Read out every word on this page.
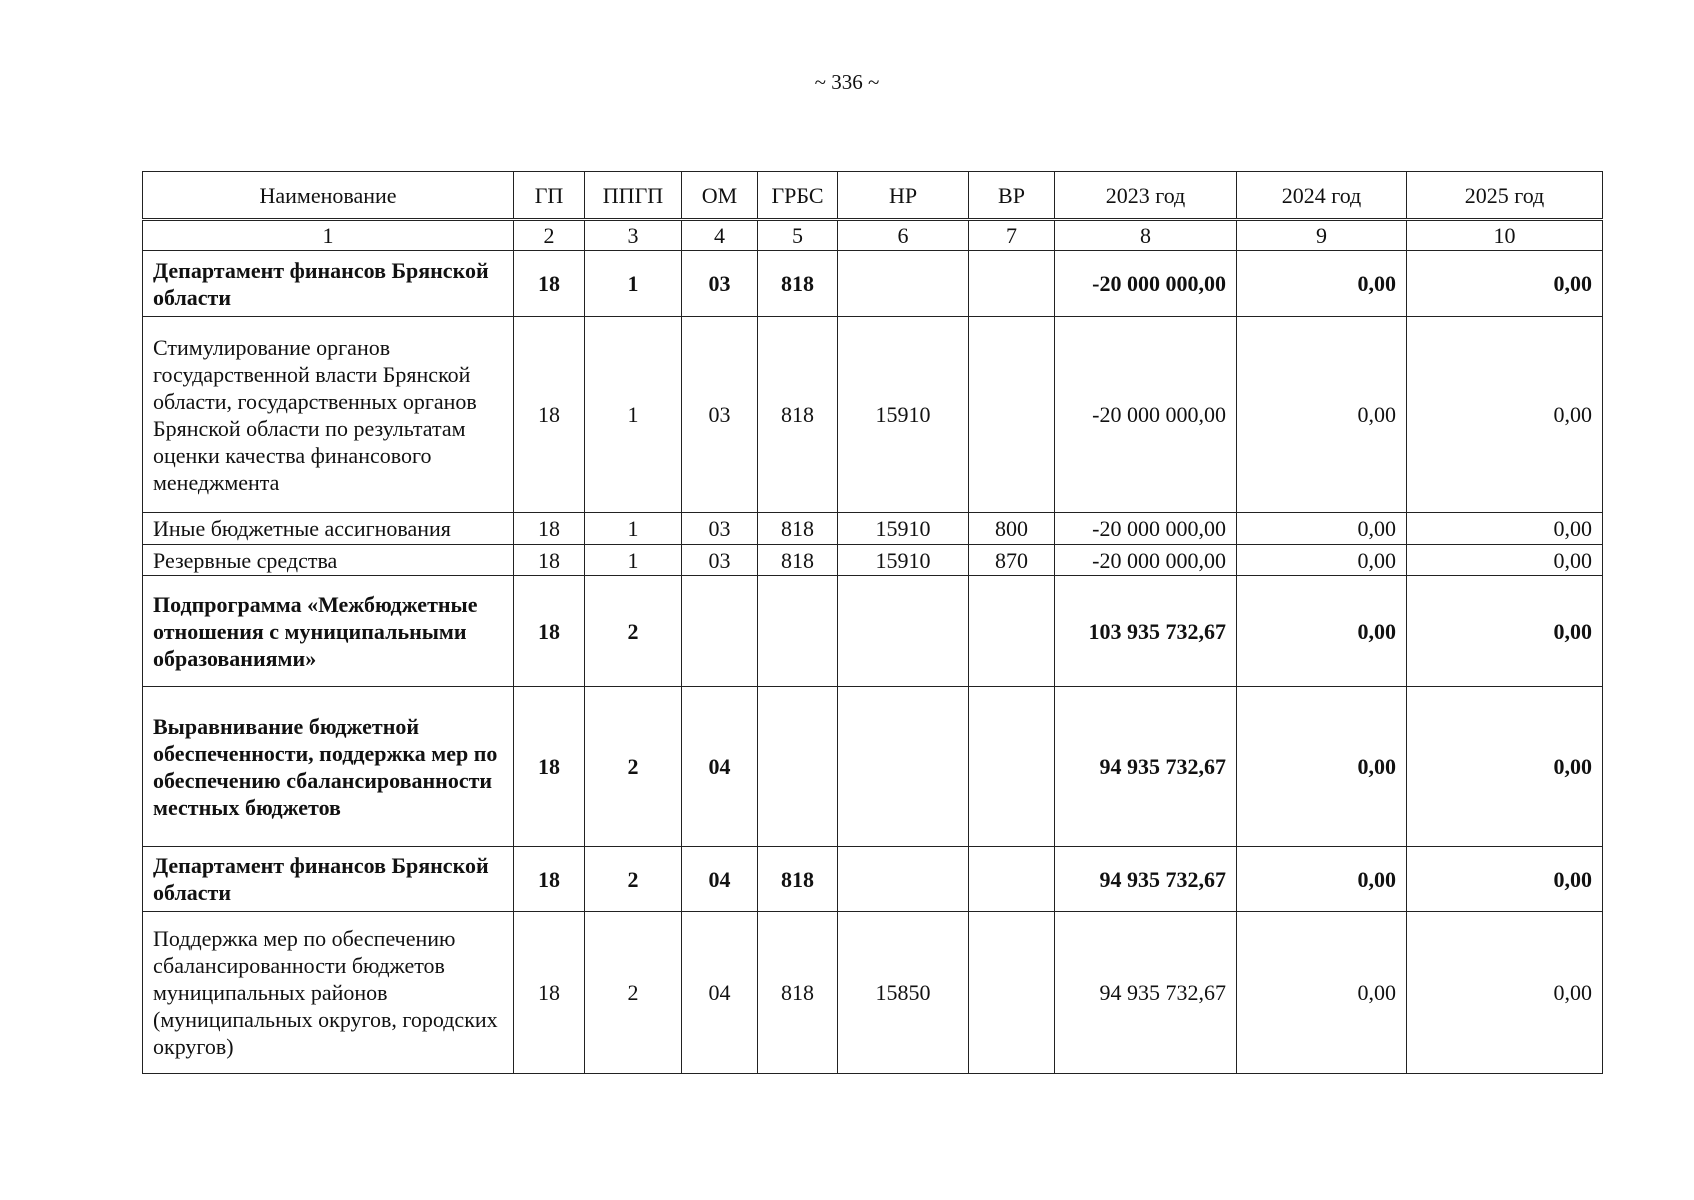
~ 336 ~
Наименование	ГП	ППГП	ОМ	ГРБС	НР	ВР	2023 год	2024 год	2025 год
1	2	3	4	5	6	7	8	9	10
Департамент финансов Брянской области	18	1	03	818			-20 000 000,00	0,00	0,00
Стимулирование органов государственной власти Брянской области, государственных органов Брянской области по результатам оценки качества финансового менеджмента	18	1	03	818	15910		-20 000 000,00	0,00	0,00
Иные бюджетные ассигнования	18	1	03	818	15910	800	-20 000 000,00	0,00	0,00
Резервные средства	18	1	03	818	15910	870	-20 000 000,00	0,00	0,00
Подпрограмма «Межбюджетные отношения с муниципальными образованиями»	18	2					103 935 732,67	0,00	0,00
Выравнивание бюджетной обеспеченности, поддержка мер по обеспечению сбалансированности местных бюджетов	18	2	04				94 935 732,67	0,00	0,00
Департамент финансов Брянской области	18	2	04	818			94 935 732,67	0,00	0,00
Поддержка мер по обеспечению сбалансированности бюджетов муниципальных районов (муниципальных округов, городских округов)	18	2	04	818	15850		94 935 732,67	0,00	0,00
